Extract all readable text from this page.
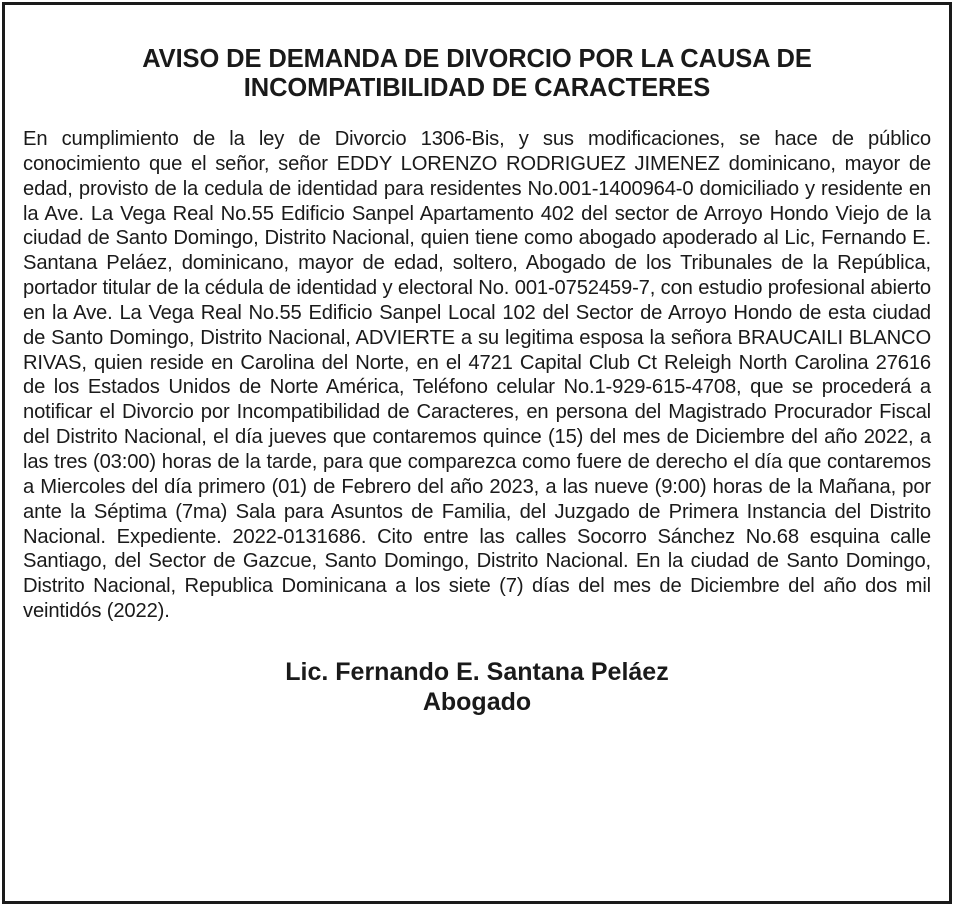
AVISO DE DEMANDA DE DIVORCIO POR LA CAUSA DE
INCOMPATIBILIDAD DE CARACTERES

En cumplimiento de la ley de Divorcio 1306-Bis, y sus modificaciones, se hace de público conocimiento que el señor, señor EDDY LORENZO RODRIGUEZ JIMENEZ dominicano, mayor de edad, provisto de la cedula de identidad para residentes No.001-1400964-0 domiciliado y residente en la Ave. La Vega Real No.55 Edificio Sanpel Apartamento 402 del sector de Arroyo Hondo Viejo de la ciudad de Santo Domingo, Distrito Nacional, quien tiene como abogado apoderado al Lic, Fernando E. Santana Peláez, dominicano, mayor de edad, soltero, Abogado de los Tribunales de la República, portador titular de la cédula de identidad y electoral No. 001-0752459-7, con estudio profesional abierto en la Ave. La Vega Real No.55 Edificio Sanpel Local 102 del Sector de Arroyo Hondo de esta ciudad de Santo Domingo, Distrito Nacional, ADVIERTE a su legitima esposa la señora BRAUCAILI BLANCO RIVAS, quien reside en Carolina del Norte, en el 4721 Capital Club Ct Releigh North Carolina 27616 de los Estados Unidos de Norte América, Teléfono celular No.1-929-615-4708, que se procederá a notificar el Divorcio por Incompatibilidad de Caracteres, en persona del Magistrado Procurador Fiscal del Distrito Nacional, el día jueves que contaremos quince (15) del mes de Diciembre del año 2022, a las tres (03:00) horas de la tarde, para que comparezca como fuere de derecho el día que contaremos a Miercoles del día primero (01) de Febrero del año 2023, a las nueve (9:00) horas de la Mañana, por ante la Séptima (7ma) Sala para Asuntos de Familia, del Juzgado de Primera Instancia del Distrito Nacional. Expediente. 2022-0131686. Cito entre las calles Socorro Sánchez No.68 esquina calle Santiago, del Sector de Gazcue, Santo Domingo, Distrito Nacional. En la ciudad de Santo Domingo, Distrito Nacional, Republica Dominicana a los siete (7) días del mes de Diciembre del año dos mil veintidós (2022).

Lic. Fernando E. Santana Peláez
Abogado
